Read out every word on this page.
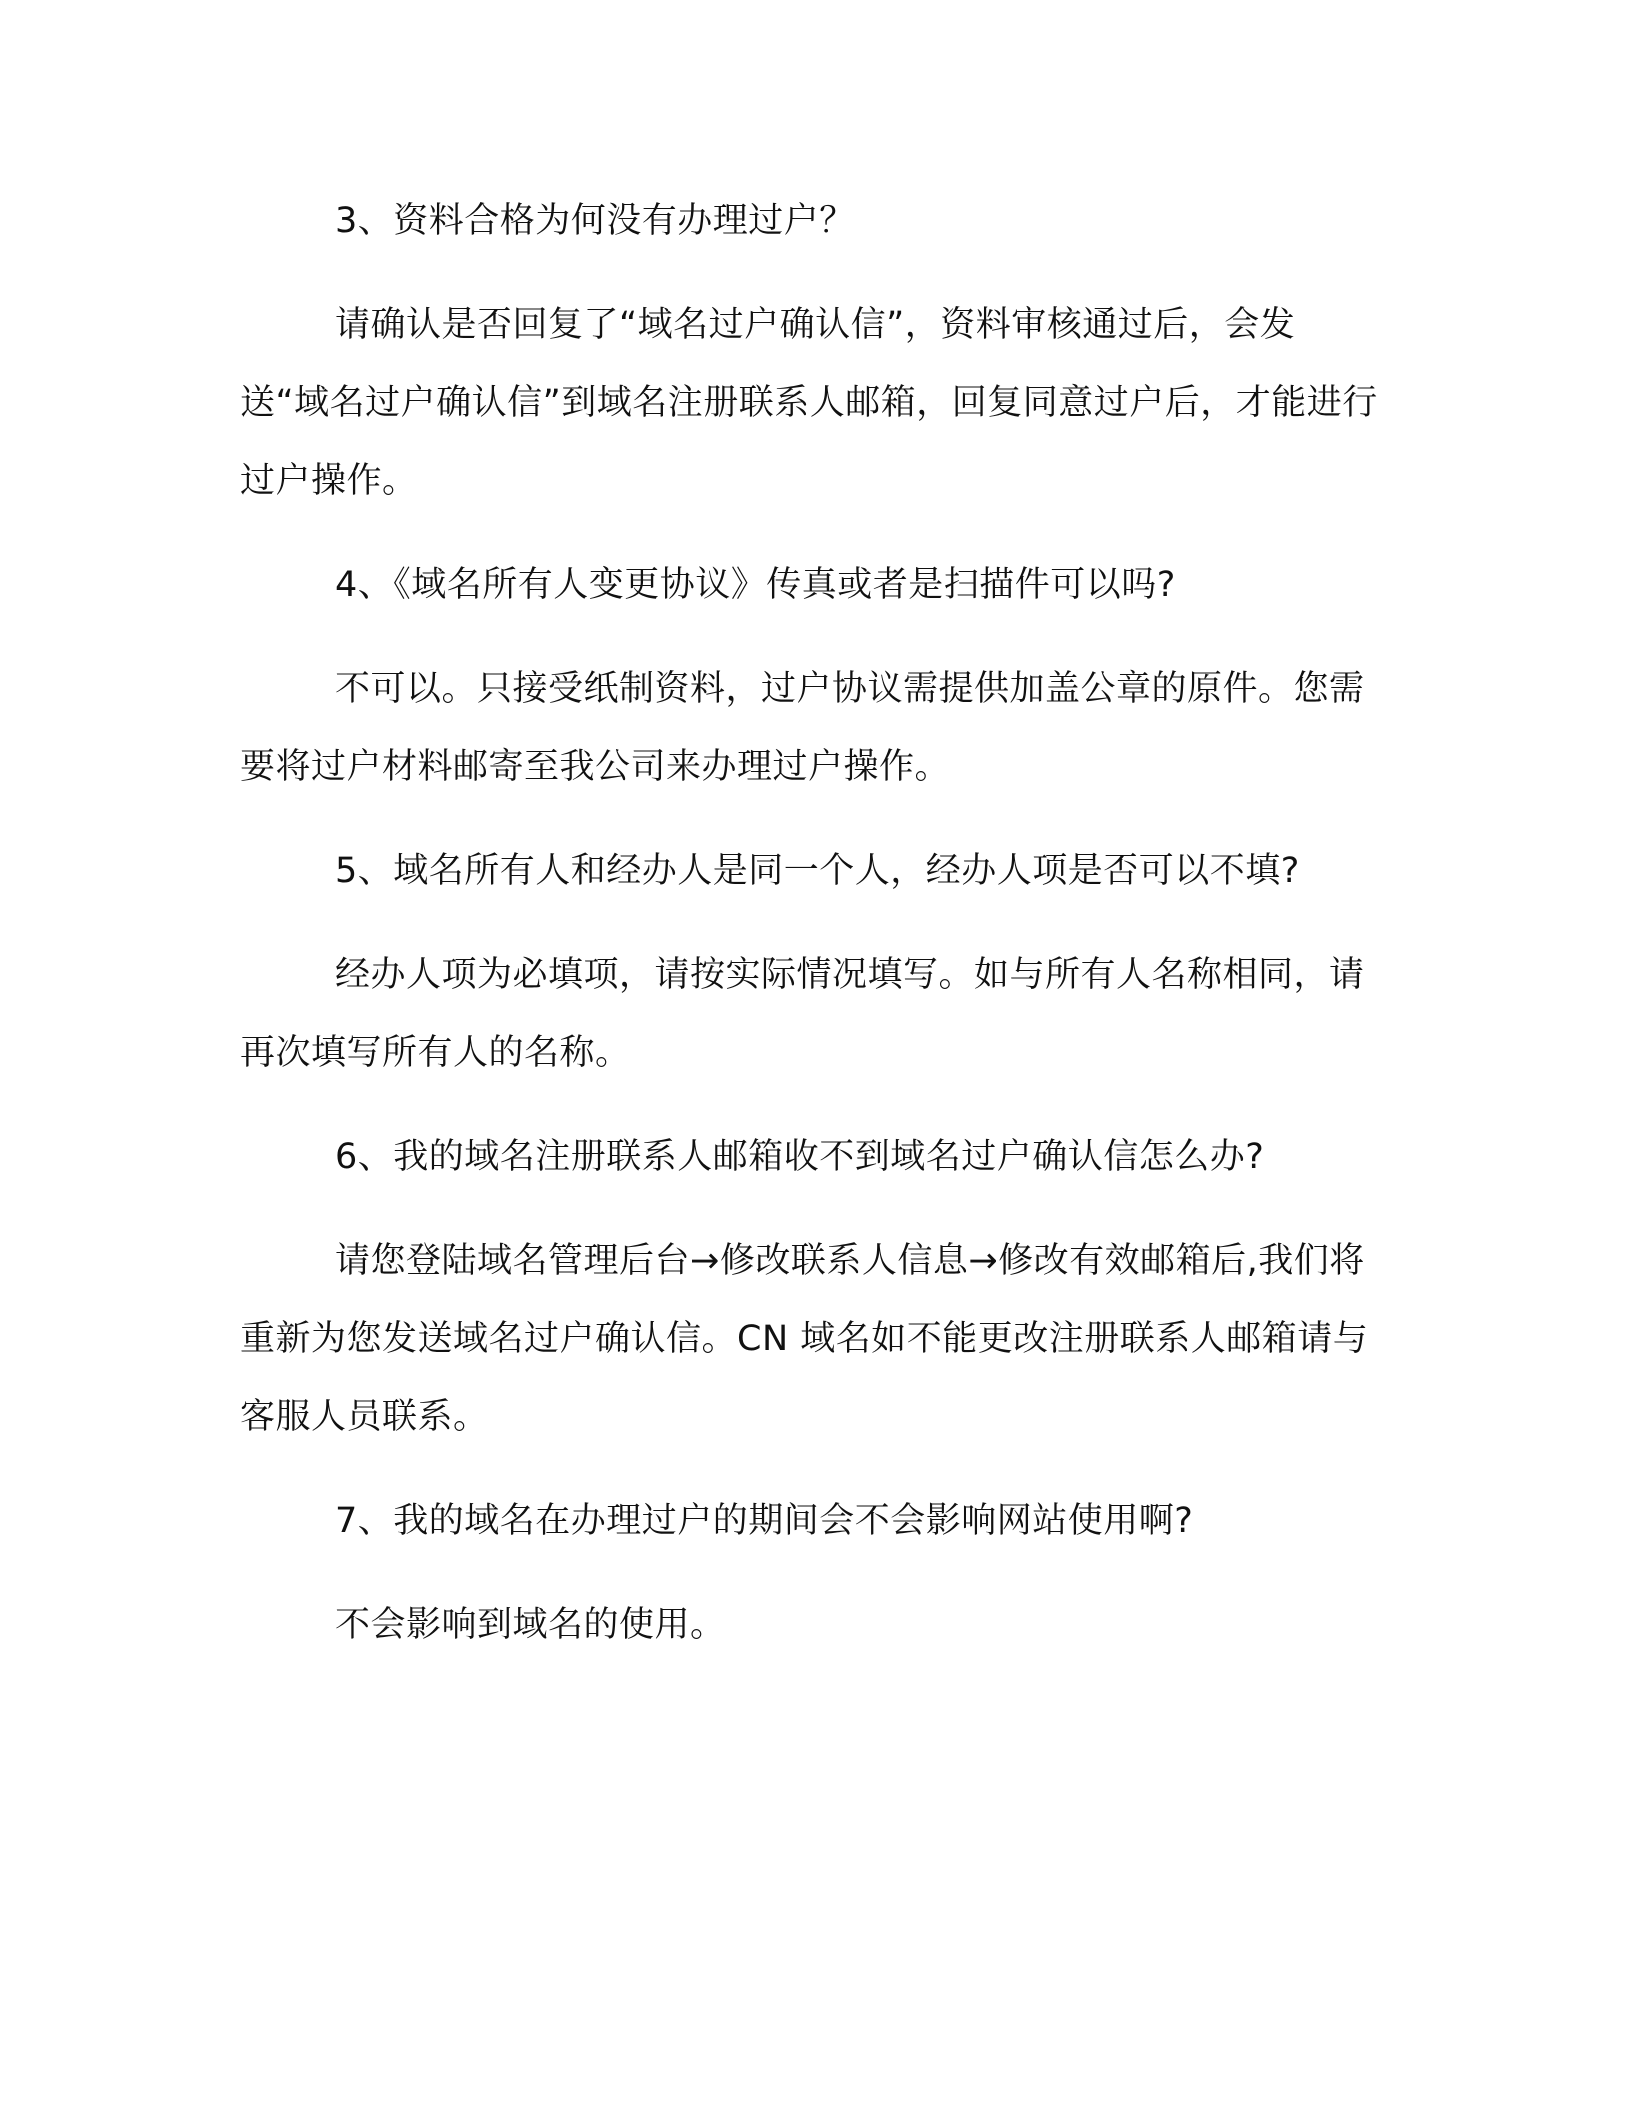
3、资料合格为何没有办理过户？

请确认是否回复了“域名过户确认信”，资料审核通过后，会发送“域名过户确认信”到域名注册联系人邮箱，回复同意过户后，才能进行过户操作。

4、《域名所有人变更协议》传真或者是扫描件可以吗?

不可以。只接受纸制资料，过户协议需提供加盖公章的原件。您需要将过户材料邮寄至我公司来办理过户操作。

5、域名所有人和经办人是同一个人，经办人项是否可以不填?

经办人项为必填项，请按实际情况填写。如与所有人名称相同，请再次填写所有人的名称。

6、我的域名注册联系人邮箱收不到域名过户确认信怎么办?

请您登陆域名管理后台→修改联系人信息→修改有效邮箱后,我们将重新为您发送域名过户确认信。CN 域名如不能更改注册联系人邮箱请与客服人员联系。

7、我的域名在办理过户的期间会不会影响网站使用啊?

不会影响到域名的使用。
